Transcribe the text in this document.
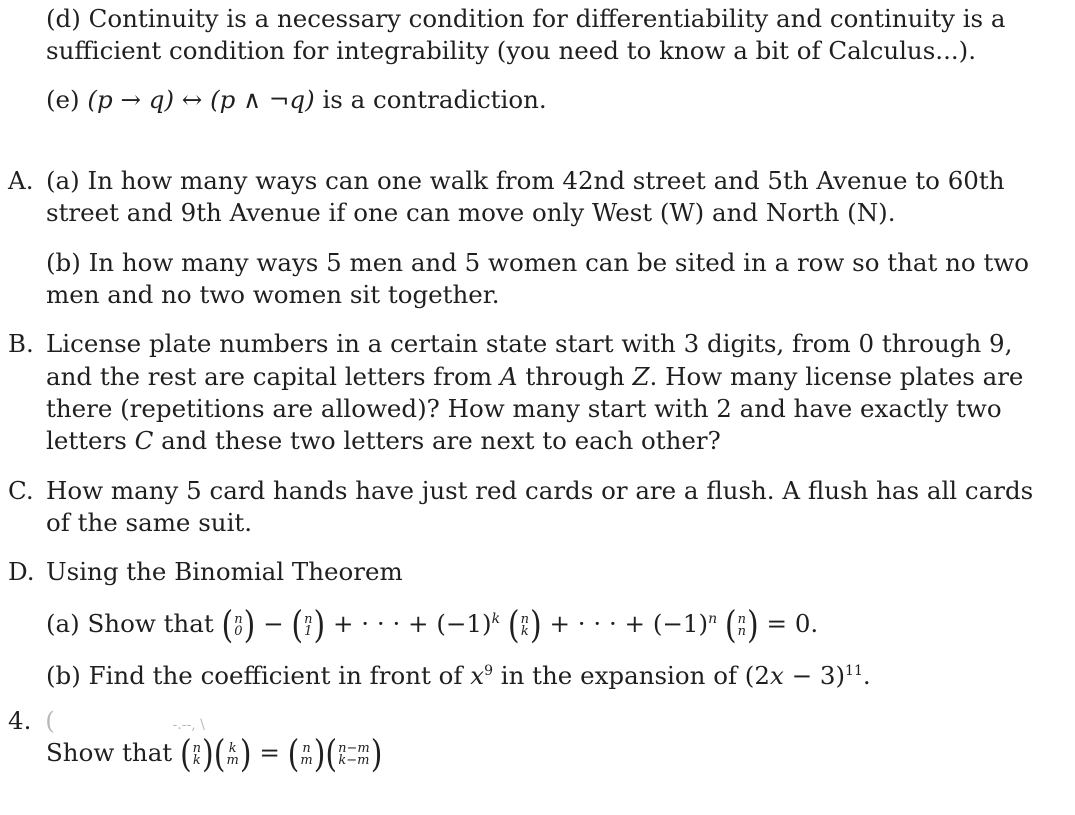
(d) Continuity is a necessary condition for differentiability and continuity is a
sufficient condition for integrability (you need to know a bit of Calculus...).
(e) (p → q) ↔ (p ∧ ¬q) is a contradiction.
A. (a) In how many ways can one walk from 42nd street and 5th Avenue to 60th
street and 9th Avenue if one can move only West (W) and North (N).
(b) In how many ways 5 men and 5 women can be sited in a row so that no two
men and no two women sit together.
B. License plate numbers in a certain state start with 3 digits, from 0 through 9,
and the rest are capital letters from A through Z. How many license plates are
there (repetitions are allowed)? How many start with 2 and have exactly two
letters C and these two letters are next to each other?
C. How many 5 card hands have just red cards or are a flush. A flush has all cards
of the same suit.
D. Using the Binomial Theorem
(a) Show that ( n
0 ) − ( n
1 ) + · · · + $(-1)^k$ ( n
k ) + · · · + $(-1)^n$ ( n
n ) = 0.
(b) Find the coefficient in front of $x^9$ in the expansion of $(2x - 3)^{11}$.
4. (	-.--, \
Show that ( n
k ) ( k
m ) = ( n
m ) ( n−m
k−m )
